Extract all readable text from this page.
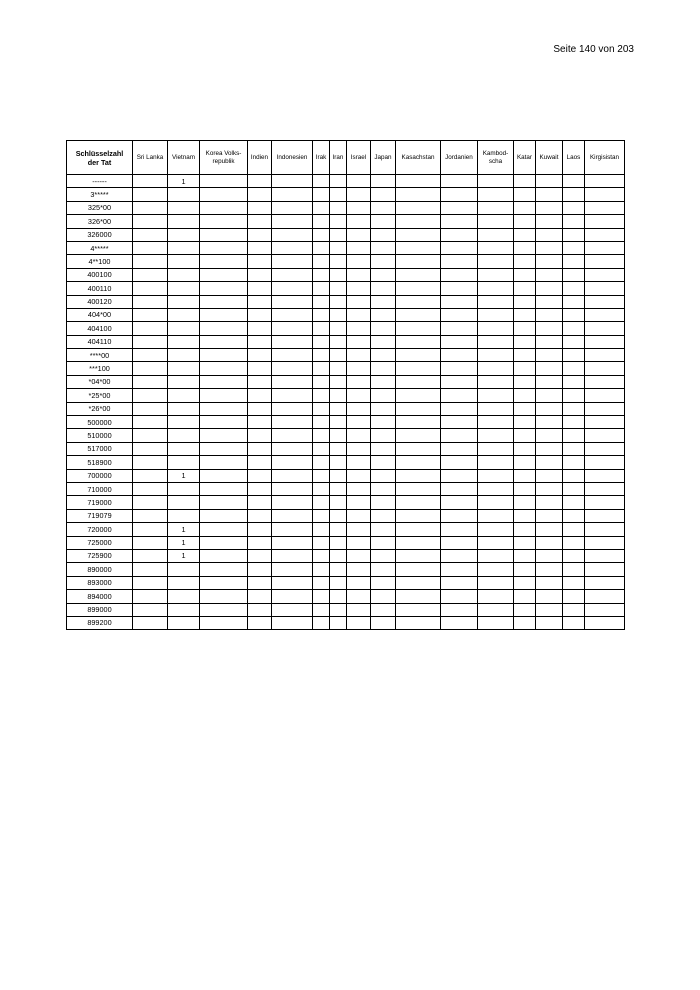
Seite 140 von 203
Schlüsselzahl
der Tat	Sri Lanka	Vietnam	Korea Volks-
republik	Indien	Indonesien	Irak	Iran	Israel	Japan	Kasachstan	Jordanien	Kambod-
scha	Katar	Kuwait	Laos	Kirgisistan
------		1														
3*****																
325*00																
326*00																
326000																
4*****																
4**100																
400100																
400110																
400120																
404*00																
404100																
404110																
****00																
***100																
*04*00																
*25*00																
*26*00																
500000																
510000																
517000																
518900																
700000		1														
710000																
719000																
719079																
720000		1														
725000		1														
725900		1														
890000																
893000																
894000																
899000																
899200																
